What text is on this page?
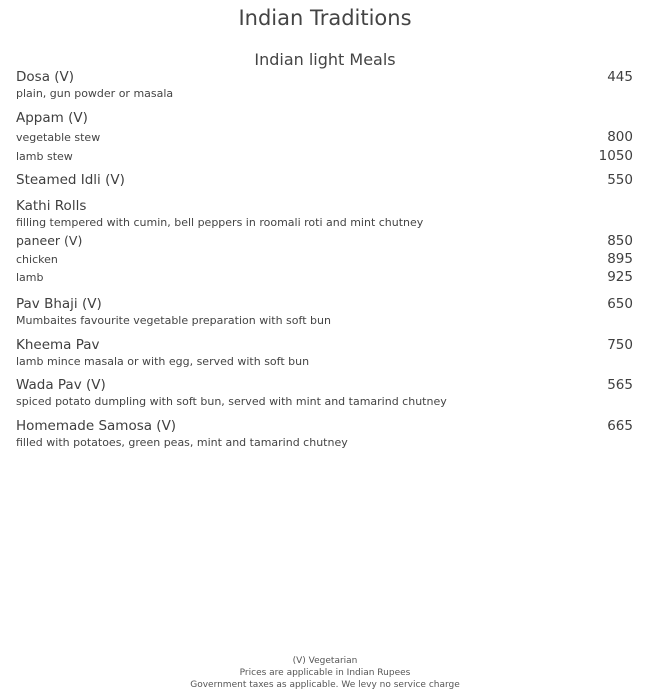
Indian Traditions
Indian light Meals
Dosa (V)	445
plain, gun powder or masala
Appam (V)
vegetable stew	800
lamb stew	1050
Steamed Idli (V)	550
Kathi Rolls
filling tempered with cumin, bell peppers in roomali roti and mint chutney
paneer (V)	850
chicken	895
lamb	925
Pav Bhaji (V)	650
Mumbaites favourite vegetable preparation with soft bun
Kheema Pav	750
lamb mince masala or with egg, served with soft bun
Wada Pav (V)	565
spiced potato dumpling with soft bun, served with mint and tamarind chutney
Homemade Samosa (V)	665
filled with potatoes, green peas, mint and tamarind chutney
(V) Vegetarian
Prices are applicable in Indian Rupees
Government taxes as applicable. We levy no service charge
